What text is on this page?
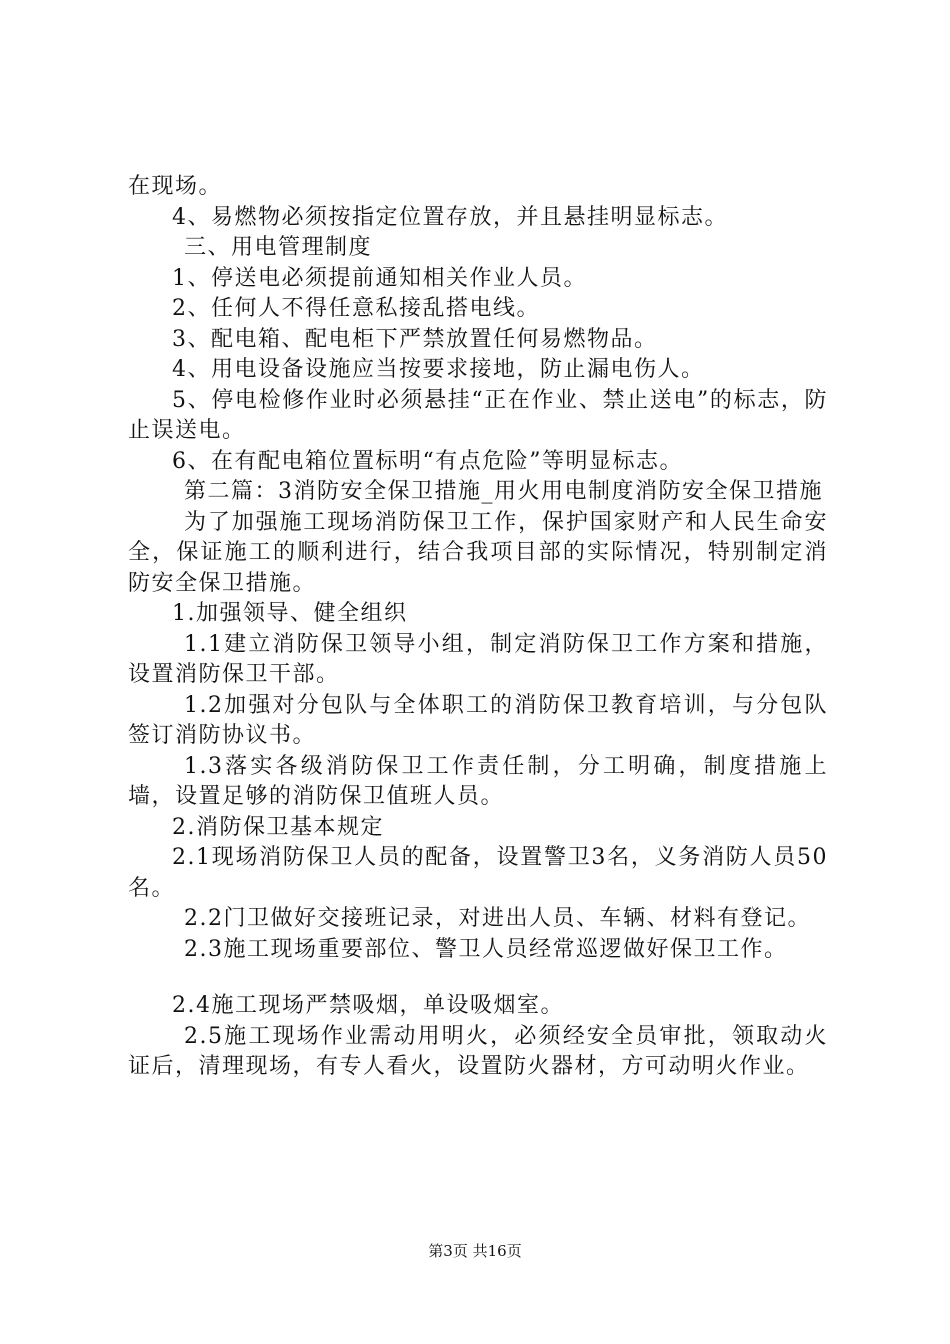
在现场。

4、易燃物必须按指定位置存放，并且悬挂明显标志。

三、用电管理制度

1、停送电必须提前通知相关作业人员。

2、任何人不得任意私接乱搭电线。

3、配电箱、配电柜下严禁放置任何易燃物品。

4、用电设备设施应当按要求接地，防止漏电伤人。

5、停电检修作业时必须悬挂“正在作业、禁止送电”的标志，防止误送电。

6、在有配电箱位置标明“有点危险”等明显标志。

第二篇：3消防安全保卫措施_用火用电制度消防安全保卫措施

为了加强施工现场消防保卫工作，保护国家财产和人民生命安全，保证施工的顺利进行，结合我项目部的实际情况，特别制定消防安全保卫措施。

1.加强领导、健全组织

1.1建立消防保卫领导小组，制定消防保卫工作方案和措施，设置消防保卫干部。

1.2加强对分包队与全体职工的消防保卫教育培训，与分包队签订消防协议书。

1.3落实各级消防保卫工作责任制，分工明确，制度措施上墙，设置足够的消防保卫值班人员。

2.消防保卫基本规定

2.1现场消防保卫人员的配备，设置警卫3名，义务消防人员50名。

2.2门卫做好交接班记录，对进出人员、车辆、材料有登记。

2.3施工现场重要部位、警卫人员经常巡逻做好保卫工作。

2.4施工现场严禁吸烟，单设吸烟室。

2.5施工现场作业需动用明火，必须经安全员审批，领取动火证后，清理现场，有专人看火，设置防火器材，方可动明火作业。

第3页 共16页
